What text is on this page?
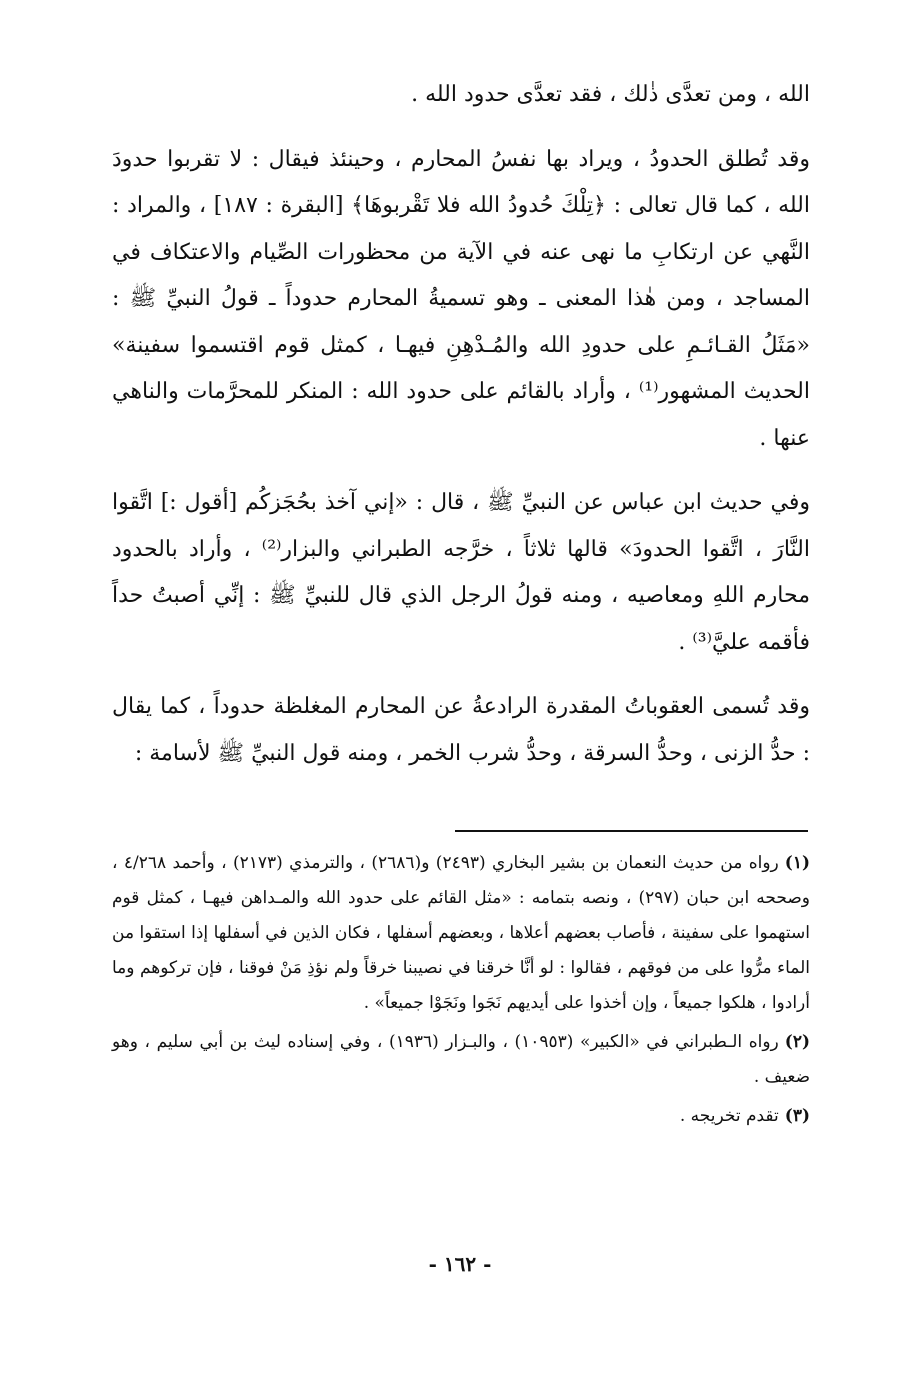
الله ، ومن تعدَّى ذٰلك ، فقد تعدَّى حدود الله .

وقد تُطلق الحدودُ ، ويراد بها نفسُ المحارم ، وحينئذ فيقال : لا تقربوا حدودَ الله ، كما قال تعالى : ﴿تِلْكَ حُدودُ الله فلا تَقْربوهَا﴾ [البقرة : ١٨٧] ، والمراد : النَّهي عن ارتكابِ ما نهى عنه في الآية من محظورات الصِّيام والاعتكاف في المساجد ، ومن هٰذا المعنى ـ وهو تسميةُ المحارم حدوداً ـ قولُ النبيِّ ﷺ : «مَثَلُ القـائـمِ على حدودِ الله والمُـدْهِنِ فيهـا ، كمثل قوم اقتسموا سفينة» الحديث المشهور⁽¹⁾ ، وأراد بالقائم على حدود الله : المنكر للمحرَّمات والناهي عنها .

وفي حديث ابن عباس عن النبيِّ ﷺ ، قال : «إني آخذ بحُجَزكُم [أقول :] اتَّقوا النَّارَ ، اتَّقوا الحدودَ» قالها ثلاثاً ، خرَّجه الطبراني والبزار⁽²⁾ ، وأراد بالحدود محارم اللهِ ومعاصيه ، ومنه قولُ الرجل الذي قال للنبيِّ ﷺ : إنِّي أصبتُ حداً فأقمه عليَّ⁽³⁾ .

وقد تُسمى العقوباتُ المقدرة الرادعةُ عن المحارم المغلظة حدوداً ، كما يقال : حدُّ الزنى ، وحدُّ السرقة ، وحدُّ شرب الخمر ، ومنه قول النبيِّ ﷺ لأسامة :

(١)رواه من حديث النعمان بن بشير البخاري (٢٤٩٣) و(٢٦٨٦) ، والترمذي (٢١٧٣) ، وأحمد ٤/٢٦٨ ، وصححه ابن حبان (٢٩٧) ، ونصه بتمامه : «مثل القائم على حدود الله والمـداهن فيهـا ، كمثل قوم استهموا على سفينة ، فأصاب بعضهم أعلاها ، وبعضهم أسفلها ، فكان الذين في أسفلها إذا استقوا من الماء مرُّوا على من فوقهم ، فقالوا : لو أنَّا خرقنا في نصيبنا خرقاً ولم نؤذِ مَنْ فوقنا ، فإن تركوهم وما أرادوا ، هلكوا جميعاً ، وإن أخذوا على أيديهم نَجَوا ونَجَوْا جميعاً» .
(٢)رواه الـطبراني في «الكبير» (١٠٩٥٣) ، والبـزار (١٩٣٦) ، وفي إسناده ليث بن أبي سليم ، وهو ضعيف .
(٣)تقدم تخريجه .
- ١٦٢ -
